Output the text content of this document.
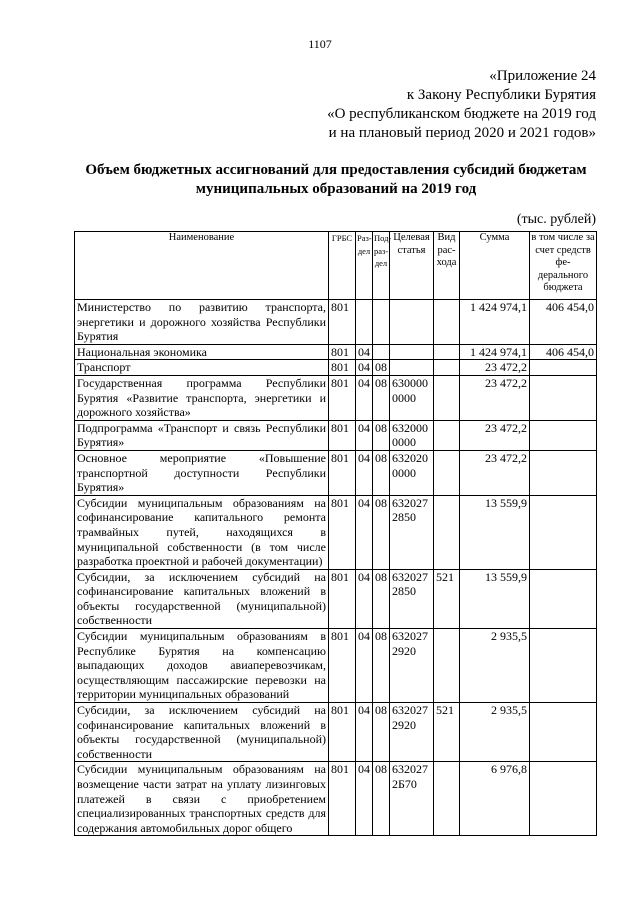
1107
«Приложение 24
к Закону Республики Бурятия
«О республиканском бюджете на 2019 год
и на плановый период 2020 и 2021 годов»
Объем бюджетных ассигнований для предоставления субсидий бюджетам
муниципальных образований на 2019 год
(тыс. рублей)
Наименование	ГРБС	Раз-дел	Под-раз-дел	Целевая статья	Вид рас-хода	Сумма	в том числе за счет средств фе-дерального бюджета
Министерство по развитию транспорта, энергетики и дорожного хозяйства Республики Бурятия	801					1 424 974,1	406 454,0
Национальная экономика	801	04				1 424 974,1	406 454,0
Транспорт	801	04	08			23 472,2	
Государственная программа Республики Бурятия «Развитие транспорта, энергетики и дорожного хозяйства»	801	04	08	630000 0000		23 472,2	
Подпрограмма «Транспорт и связь Республики Бурятия»	801	04	08	632000 0000		23 472,2	
Основное мероприятие «Повышение транспортной доступности Республики Бурятия»	801	04	08	632020 0000		23 472,2	
Субсидии муниципальным образованиям на софинансирование капитального ремонта трамвайных путей, находящихся в муниципальной собственности (в том числе разработка проектной и рабочей документации)	801	04	08	632027 2850		13 559,9	
Субсидии, за исключением субсидий на софинансирование капитальных вложений в объекты государственной (муниципальной) собственности	801	04	08	632027 2850	521	13 559,9	
Субсидии муниципальным образованиям в Республике Бурятия на компенсацию выпадающих доходов авиаперевозчикам, осуществляющим пассажирские перевозки на территории муниципальных образований	801	04	08	632027 2920		2 935,5	
Субсидии, за исключением субсидий на софинансирование капитальных вложений в объекты государственной (муниципальной) собственности	801	04	08	632027 2920	521	2 935,5	
Субсидии муниципальным образованиям на возмещение части затрат на уплату лизинговых платежей в связи с приобретением специализированных транспортных средств для содержания автомобильных дорог общего	801	04	08	632027 2Б70		6 976,8	
